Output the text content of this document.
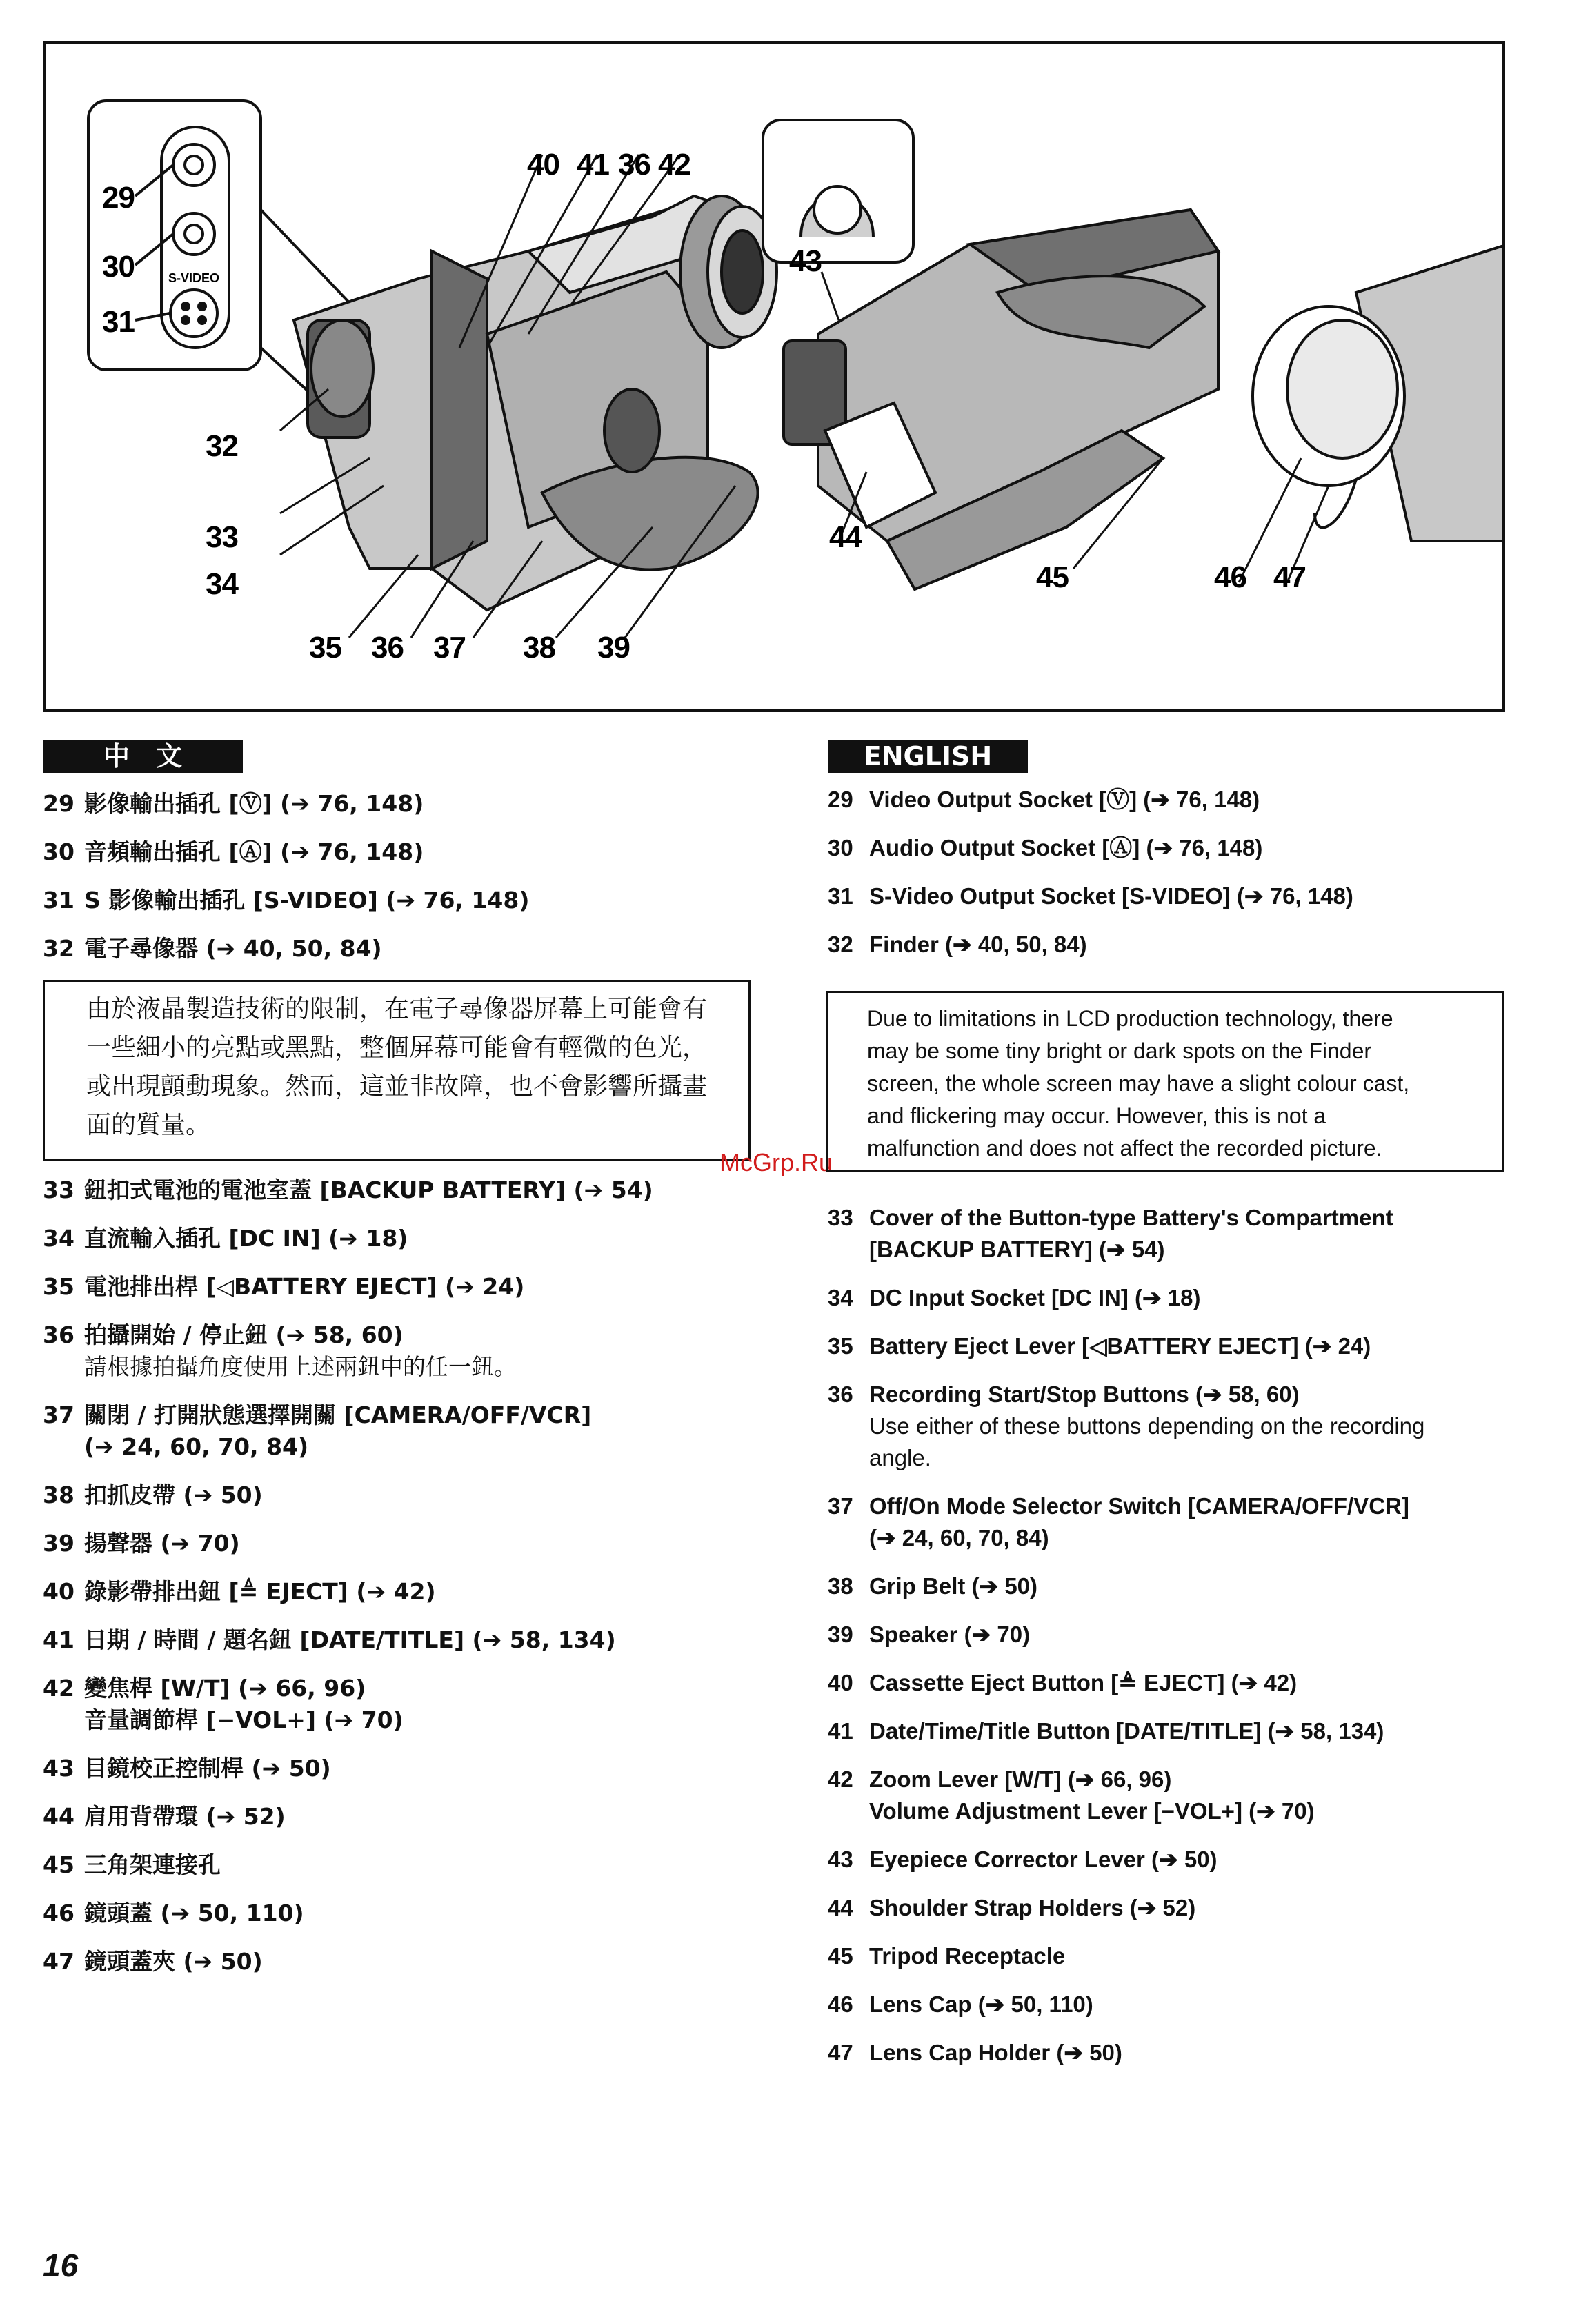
S-VIDEO
29
30
31
32
33
34
35 36 37 38 39
40 41 36 42
43
44
45	46 47
中　文	ENGLISH

29 影像輸出插孔 [Ⓥ] (➔ 76, 148)

30 音頻輸出插孔 [Ⓐ] (➔ 76, 148)

31 S 影像輸出插孔 [S-VIDEO] (➔ 76, 148)

32 電子尋像器 (➔ 40, 50, 84)

由於液晶製造技術的限制，在電子尋像器屏幕上可能會有
一些細小的亮點或黑點，整個屏幕可能會有輕微的色光，
或出現顫動現象。然而，這並非故障，也不會影響所攝畫
面的質量。
McGrp.Ru

33 鈕扣式電池的電池室蓋 [BACKUP BATTERY] (➔ 54)

34 直流輸入插孔 [DC IN] (➔ 18)

35 電池排出桿 [◁BATTERY EJECT] (➔ 24)

36 拍攝開始 / 停止鈕 (➔ 58, 60)
請根據拍攝角度使用上述兩鈕中的任一鈕。

37 關閉 / 打開狀態選擇開關 [CAMERA/OFF/VCR]
(➔ 24, 60, 70, 84)

38 扣抓皮帶 (➔ 50)

39 揚聲器 (➔ 70)

40 錄影帶排出鈕 [≜ EJECT] (➔ 42)

41 日期 / 時間 / 題名鈕 [DATE/TITLE] (➔ 58, 134)

42 變焦桿 [W/T] (➔ 66, 96)
音量調節桿 [−VOL+] (➔ 70)

43 目鏡校正控制桿 (➔ 50)

44 肩用背帶環 (➔ 52)

45 三角架連接孔

46 鏡頭蓋 (➔ 50, 110)

47 鏡頭蓋夾 (➔ 50)

29 Video Output Socket [Ⓥ] (➔ 76, 148)

30 Audio Output Socket [Ⓐ] (➔ 76, 148)

31 S-Video Output Socket [S-VIDEO] (➔ 76, 148)

32 Finder (➔ 40, 50, 84)

Due to limitations in LCD production technology, there
may be some tiny bright or dark spots on the Finder
screen, the whole screen may have a slight colour cast,
and flickering may occur. However, this is not a
malfunction and does not affect the recorded picture.

33 Cover of the Button-type Battery's Compartment
[BACKUP BATTERY] (➔ 54)

34 DC Input Socket [DC IN] (➔ 18)

35 Battery Eject Lever [◁BATTERY EJECT] (➔ 24)

36 Recording Start/Stop Buttons (➔ 58, 60)
Use either of these buttons depending on the recording
angle.

37 Off/On Mode Selector Switch [CAMERA/OFF/VCR]
(➔ 24, 60, 70, 84)

38 Grip Belt (➔ 50)

39 Speaker (➔ 70)

40 Cassette Eject Button [≜ EJECT] (➔ 42)

41 Date/Time/Title Button [DATE/TITLE] (➔ 58, 134)

42 Zoom Lever [W/T] (➔ 66, 96)
Volume Adjustment Lever [−VOL+] (➔ 70)

43 Eyepiece Corrector Lever (➔ 50)

44 Shoulder Strap Holders (➔ 52)

45 Tripod Receptacle

46 Lens Cap (➔ 50, 110)

47 Lens Cap Holder (➔ 50)

16
